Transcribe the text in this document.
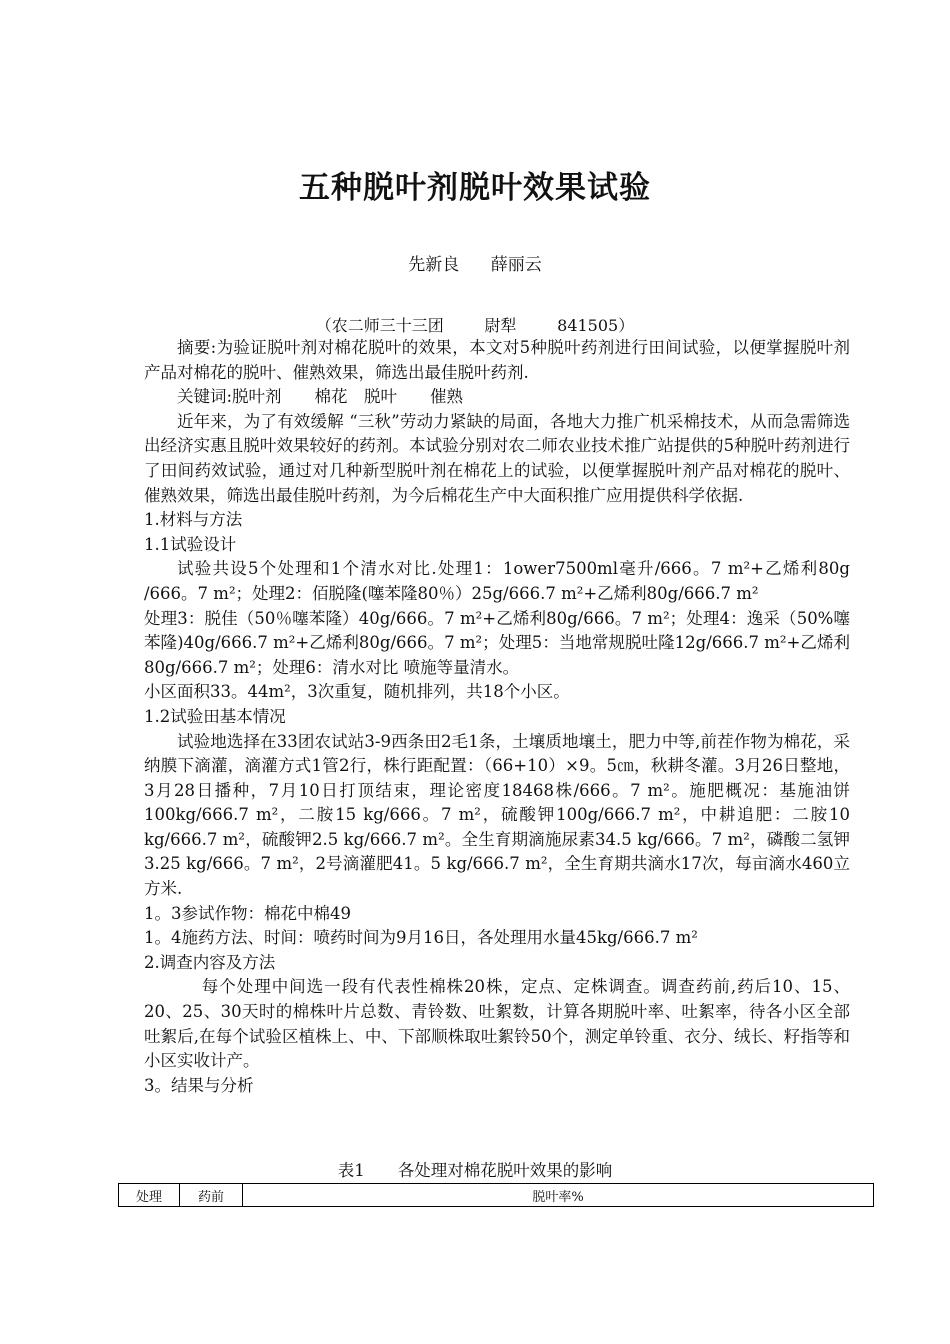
五种脱叶剂脱叶效果试验
先新良 薛丽云
（农二师三十三团        尉犁        841505）

摘要:为验证脱叶剂对棉花脱叶的效果，本文对5种脱叶药剂进行田间试验，以便掌握脱叶剂产品对棉花的脱叶、催熟效果，筛选出最佳脱叶药剂.

关键词:脱叶剂　　棉花　脱叶　　催熟

近年来，为了有效缓解 “三秋”劳动力紧缺的局面，各地大力推广机采棉技术，从而急需筛选出经济实惠且脱叶效果较好的药剂。本试验分别对农二师农业技术推广站提供的5种脱叶药剂进行了田间药效试验，通过对几种新型脱叶剂在棉花上的试验，以便掌握脱叶剂产品对棉花的脱叶、催熟效果，筛选出最佳脱叶药剂，为今后棉花生产中大面积推广应用提供科学依据.

1.材料与方法

1.1试验设计

试验共设5个处理和1个清水对比.处理1：1ower7500ml毫升/666。7 m²+乙烯利80g /666。7 m²；处理2：佰脱隆(噻苯隆80％）25g/666.7 m²+乙烯利80g/666.7 m²

处理3：脱佳（50％噻苯隆）40g/666。7 m²+乙烯利80g/666。7 m²；处理4：逸采（50%噻苯隆)40g/666.7 m²+乙烯利80g/666。7 m²；处理5：当地常规脱吐隆12g/666.7 m²+乙烯利80g/666.7 m²；处理6：清水对比 喷施等量清水。

小区面积33。44m²，3次重复，随机排列，共18个小区。

1.2试验田基本情况

试验地选择在33团农试站3-9西条田2毛1条，土壤质地壤土，肥力中等,前茬作物为棉花，采纳膜下滴灌，滴灌方式1管2行，株行距配置：（66+10）×9。5㎝，秋耕冬灌。3月26日整地，3月28日播种，7月10日打顶结束，理论密度18468株/666。7 m²。施肥概况：基施油饼100kg/666.7 m²，二胺15 kg/666。7 m²，硫酸钾100g/666.7 m²，中耕追肥：二胺10 kg/666.7 m²，硫酸钾2.5 kg/666.7 m²。全生育期滴施尿素34.5 kg/666。7 m²，磷酸二氢钾3.25 kg/666。7 m²，2号滴灌肥41。5 kg/666.7 m²，全生育期共滴水17次，每亩滴水460立方米.

1。3参试作物：棉花中棉49

1。4施药方法、时间：喷药时间为9月16日，各处理用水量45kg/666.7 m²

2.调查内容及方法

每个处理中间选一段有代表性棉株20株，定点、定株调查。调查药前,药后10、15、20、25、30天时的棉株叶片总数、青铃数、吐絮数，计算各期脱叶率、吐絮率，待各小区全部吐絮后,在每个试验区植株上、中、下部顺株取吐絮铃50个，测定单铃重、衣分、绒长、籽指等和小区实收计产。

3。结果与分析

表1　　各处理对棉花脱叶效果的影响
处理	药前	脱叶率%
